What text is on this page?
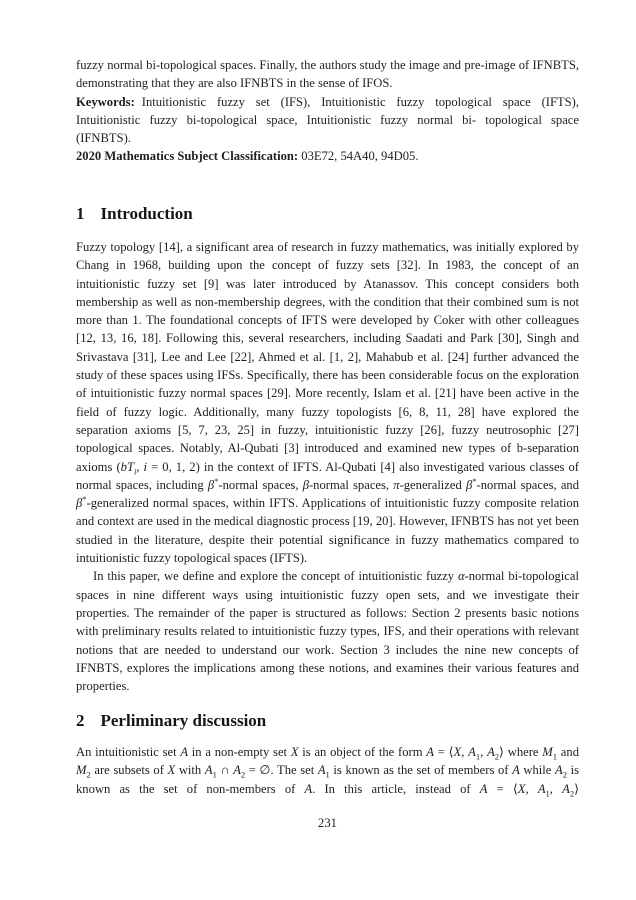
fuzzy normal bi-topological spaces. Finally, the authors study the image and pre-image of IFNBTS, demonstrating that they are also IFNBTS in the sense of IFOS.

Keywords: Intuitionistic fuzzy set (IFS), Intuitionistic fuzzy topological space (IFTS), Intuitionistic fuzzy bi-topological space, Intuitionistic fuzzy normal bi- topological space (IFNBTS).

2020 Mathematics Subject Classification: 03E72, 54A40, 94D05.

1 Introduction

Fuzzy topology [14], a significant area of research in fuzzy mathematics, was initially explored by Chang in 1968, building upon the concept of fuzzy sets [32]. In 1983, the concept of an intuitionistic fuzzy set [9] was later introduced by Atanassov. This concept considers both membership as well as non-membership degrees, with the condition that their combined sum is not more than 1. The foundational concepts of IFTS were developed by Coker with other colleagues [12, 13, 16, 18]. Following this, several researchers, including Saadati and Park [30], Singh and Srivastava [31], Lee and Lee [22], Ahmed et al. [1, 2], Mahabub et al. [24] further advanced the study of these spaces using IFSs. Specifically, there has been considerable focus on the exploration of intuitionistic fuzzy normal spaces [29]. More recently, Islam et al. [21] have been active in the field of fuzzy logic. Additionally, many fuzzy topologists [6, 8, 11, 28] have explored the separation axioms [5, 7, 23, 25] in fuzzy, intuitionistic fuzzy [26], fuzzy neutrosophic [27] topological spaces. Notably, Al-Qubati [3] introduced and examined new types of b-separation axioms ($bT_i$, i = 0, 1, 2) in the context of IFTS. Al-Qubati [4] also investigated various classes of normal spaces, including β*-normal spaces, β-normal spaces, π-generalized β*-normal spaces, and β*-generalized normal spaces, within IFTS. Applications of intuitionistic fuzzy composite relation and context are used in the medical diagnostic process [19, 20]. However, IFNBTS has not yet been studied in the literature, despite their potential significance in fuzzy mathematics compared to intuitionistic fuzzy topological spaces (IFTS).

In this paper, we define and explore the concept of intuitionistic fuzzy α-normal bi-topological spaces in nine different ways using intuitionistic fuzzy open sets, and we investigate their properties. The remainder of the paper is structured as follows: Section 2 presents basic notions with preliminary results related to intuitionistic fuzzy types, IFS, and their operations with relevant notions that are needed to understand our work. Section 3 includes the nine new concepts of IFNBTS, explores the implications among these notions, and examines their various features and properties.

2 Perliminary discussion

An intuitionistic set A in a non-empty set X is an object of the form A = ⟨X, $A_1$, $A_2⟩$ where $M_1$ and $M_2$ are subsets of X with $A_1$ ∩ $A_2$ = ∅. The set $A_1$ is known as the set of members of A while $A_2$ is known as the set of non-members of A. In this article, instead of A = ⟨X, $A_1$, $A_2⟩$

231
